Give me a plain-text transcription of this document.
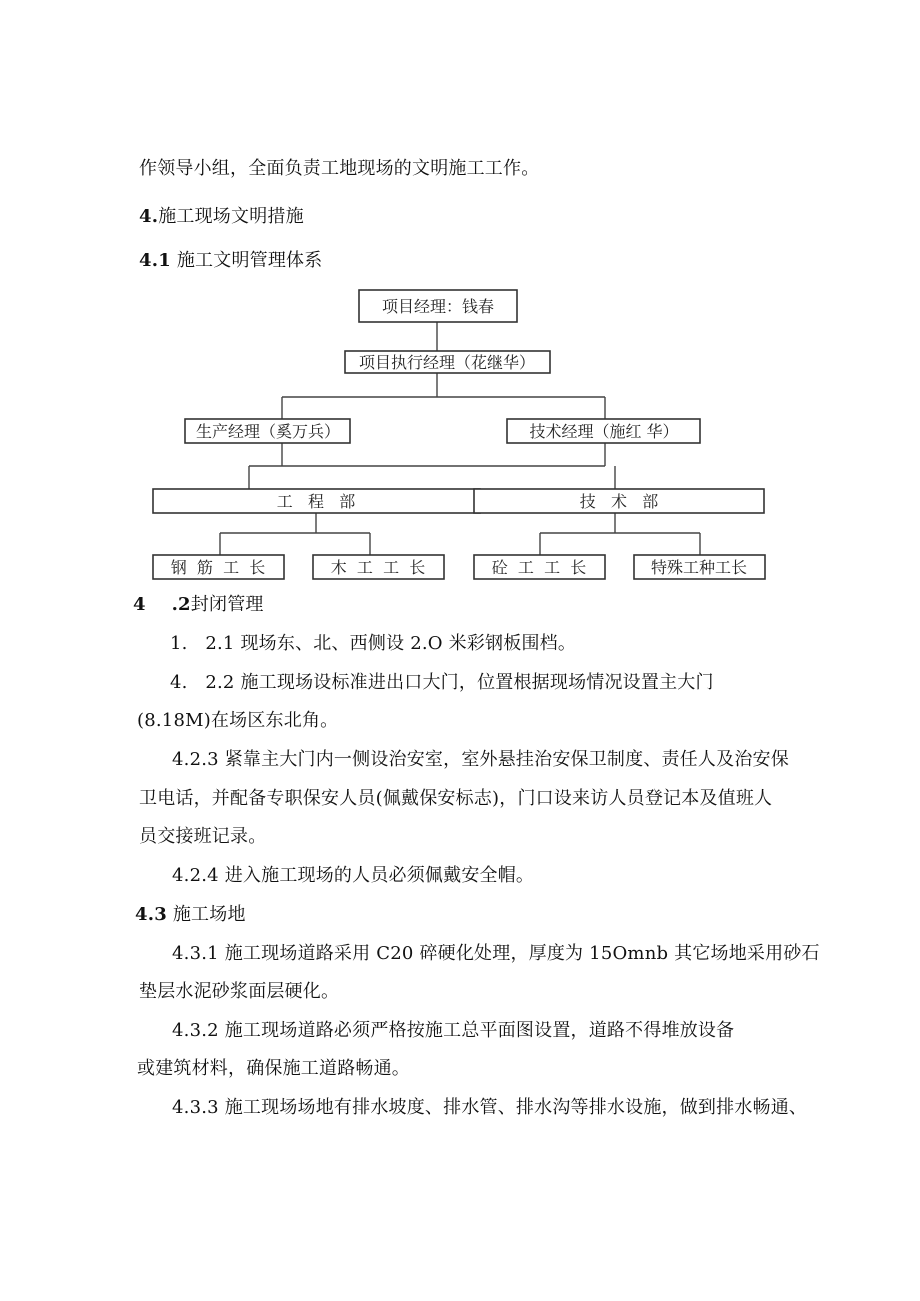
作领导小组，全面负责工地现场的文明施工工作。
4.施工现场文明措施
4.1 施工文明管理体系
项目经理：钱春
项目执行经理（花继华）
生产经理（奚万兵）	技术经理（施红 华）
工   程   部	技   术   部
钢  筋  工  长	木  工  工  长	砼  工  工  长	特殊工种工长
4    .2封闭管理
1.   2.1 现场东、北、西侧设 2.O 米彩钢板围档。
4.   2.2 施工现场设标准进出口大门，位置根据现场情况设置主大门
(8.18M)在场区东北角。
4.2.3 紧靠主大门内一侧设治安室，室外悬挂治安保卫制度、责任人及治安保
卫电话，并配备专职保安人员(佩戴保安标志)，门口设来访人员登记本及值班人
员交接班记录。
4.2.4 进入施工现场的人员必须佩戴安全帽。
4.3 施工场地
4.3.1 施工现场道路采用 C20 碎硬化处理，厚度为 15Omnb 其它场地采用砂石
垫层水泥砂浆面层硬化。
4.3.2 施工现场道路必须严格按施工总平面图设置，道路不得堆放设备
或建筑材料，确保施工道路畅通。
4.3.3 施工现场场地有排水坡度、排水管、排水沟等排水设施，做到排水畅通、
